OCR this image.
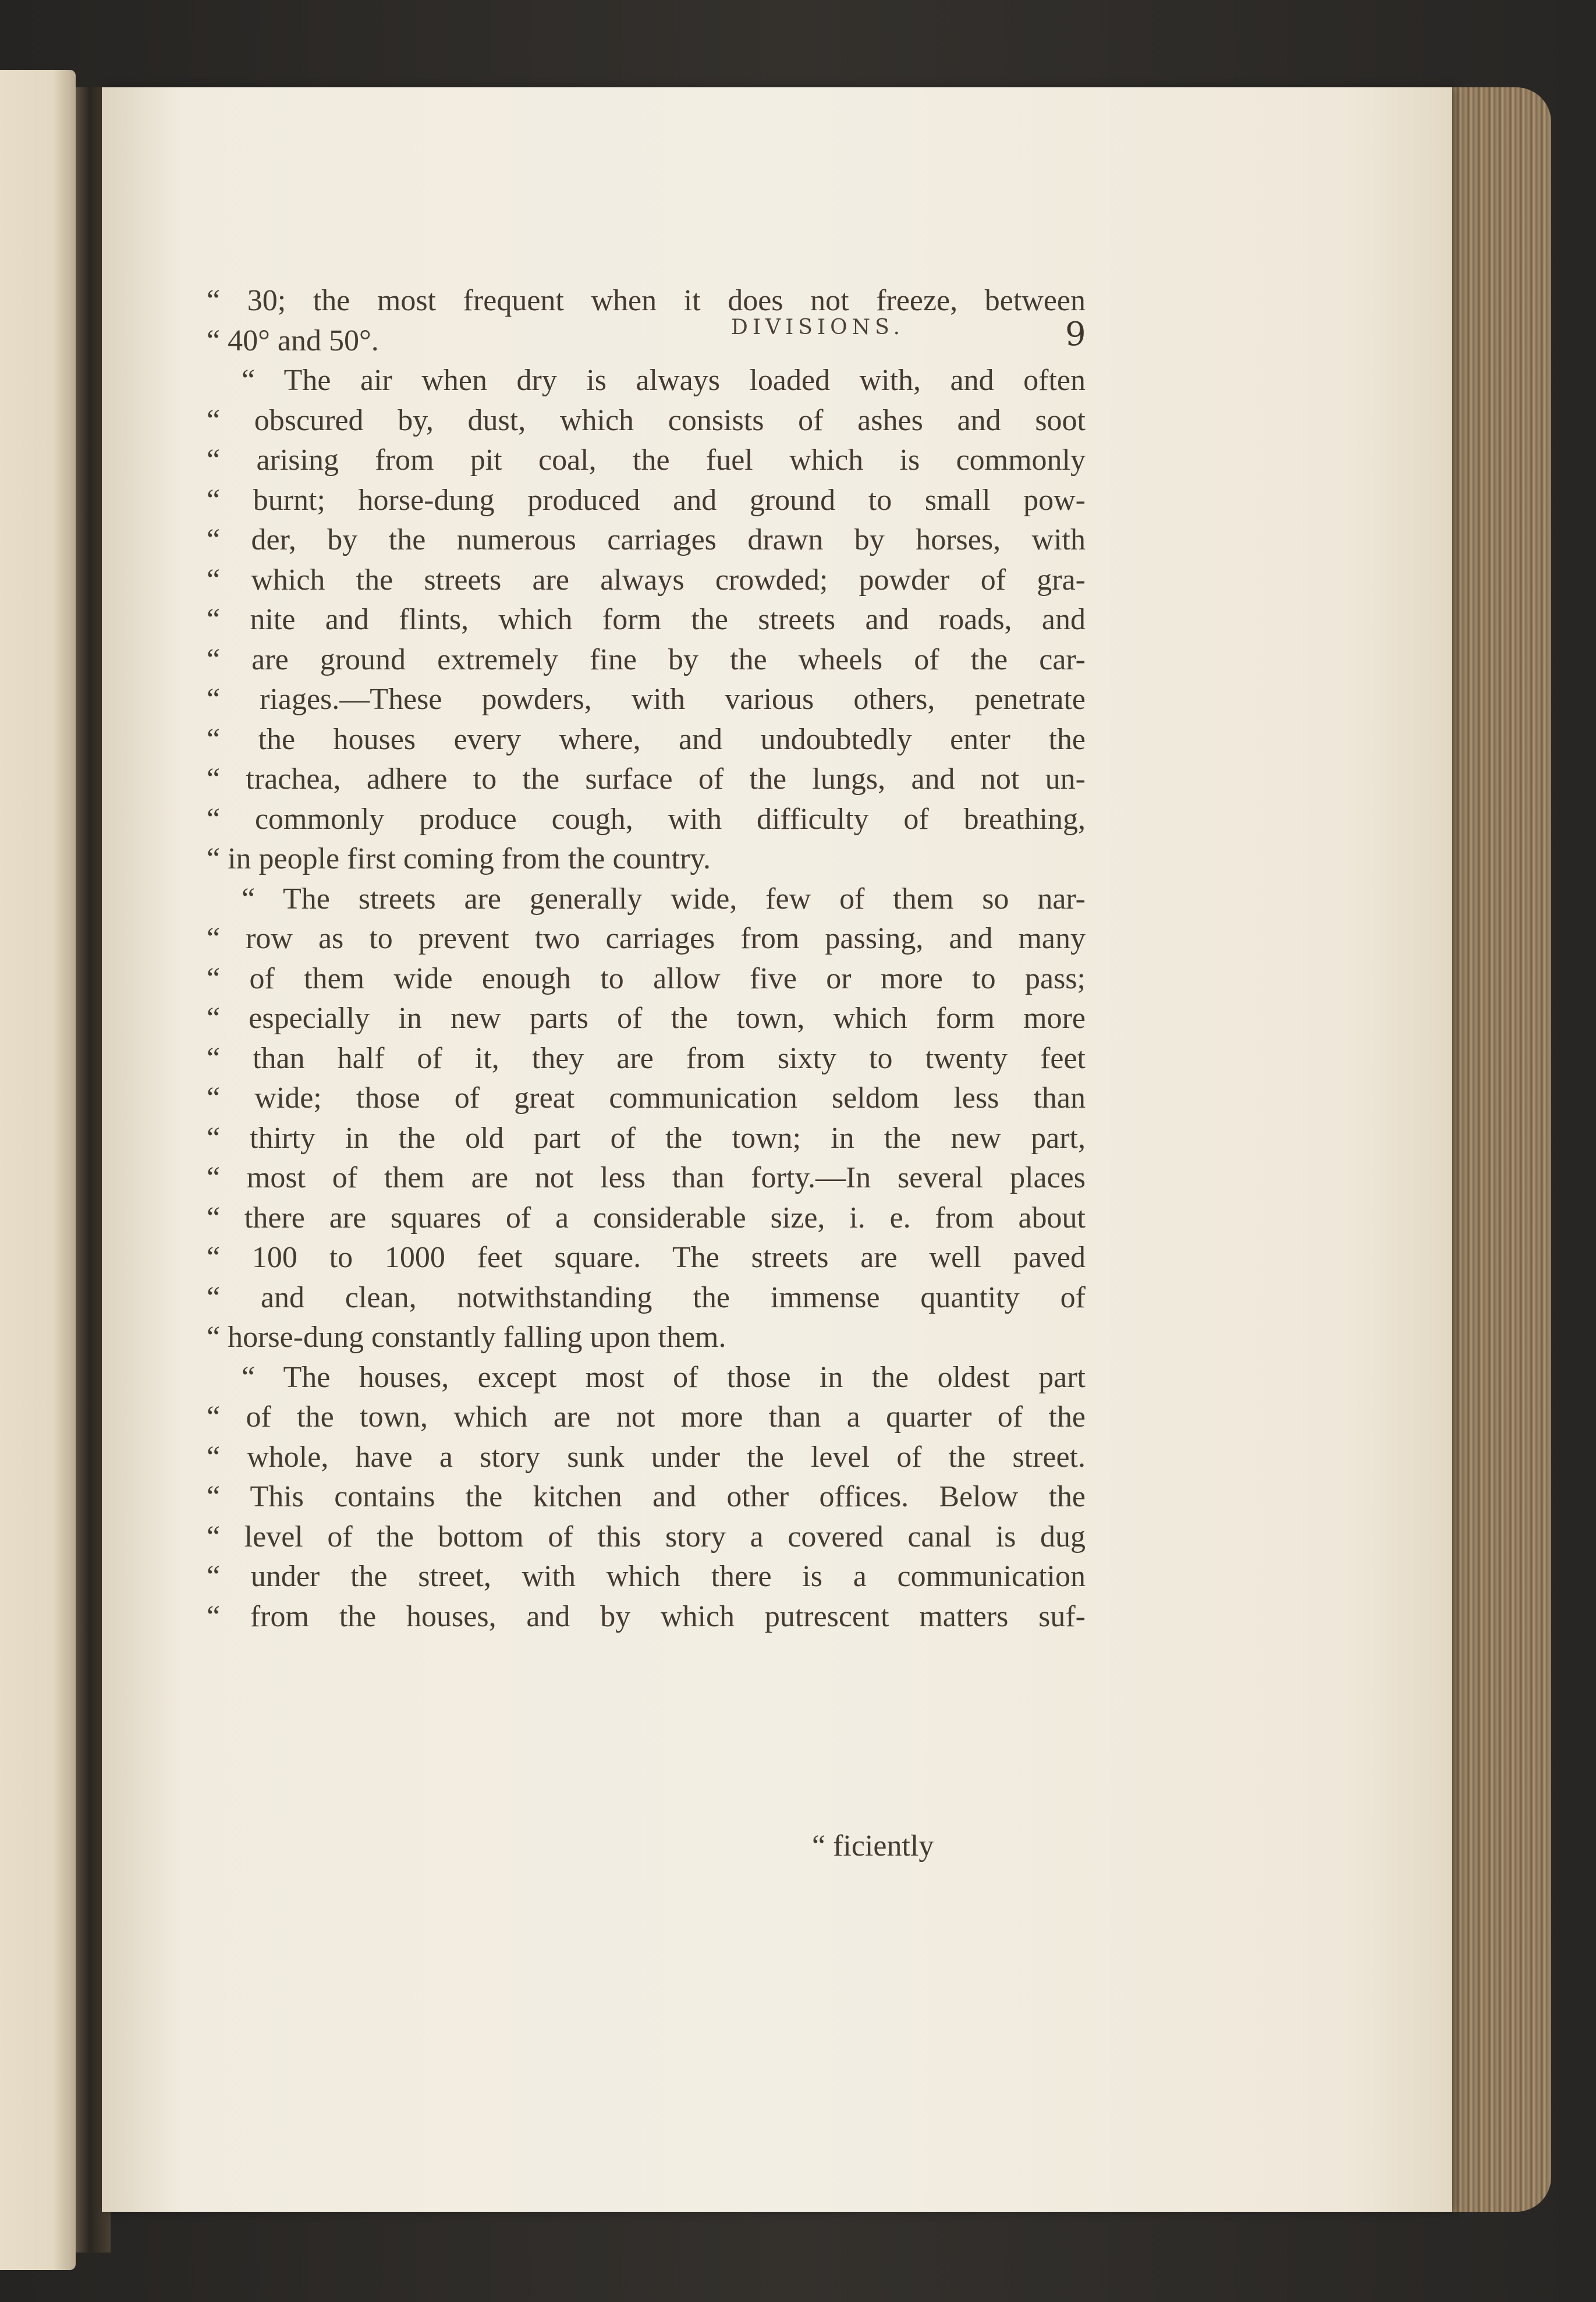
DIVISIONS.	9
“ 30; the most frequent when it does not freeze, between
“ 40° and 50°.
“ The air when dry is always loaded with, and often
“ obscured by, dust, which consists of ashes and soot
“ arising from pit coal, the fuel which is commonly
“ burnt; horse-dung produced and ground to small pow-
“ der, by the numerous carriages drawn by horses, with
“ which the streets are always crowded; powder of gra-
“ nite and flints, which form the streets and roads, and
“ are ground extremely fine by the wheels of the car-
“ riages.—These powders, with various others, penetrate
“ the houses every where, and undoubtedly enter the
“ trachea, adhere to the surface of the lungs, and not un-
“ commonly produce cough, with difficulty of breathing,
“ in people first coming from the country.
“ The streets are generally wide, few of them so nar-
“ row as to prevent two carriages from passing, and many
“ of them wide enough to allow five or more to pass;
“ especially in new parts of the town, which form more
“ than half of it, they are from sixty to twenty feet
“ wide; those of great communication seldom less than
“ thirty in the old part of the town; in the new part,
“ most of them are not less than forty.—In several places
“ there are squares of a considerable size, i. e. from about
“ 100 to 1000 feet square. The streets are well paved
“ and clean, notwithstanding the immense quantity of
“ horse-dung constantly falling upon them.
“ The houses, except most of those in the oldest part
“ of the town, which are not more than a quarter of the
“ whole, have a story sunk under the level of the street.
“ This contains the kitchen and other offices. Below the
“ level of the bottom of this story a covered canal is dug
“ under the street, with which there is a communication
“ from the houses, and by which putrescent matters suf-
“ ficiently
